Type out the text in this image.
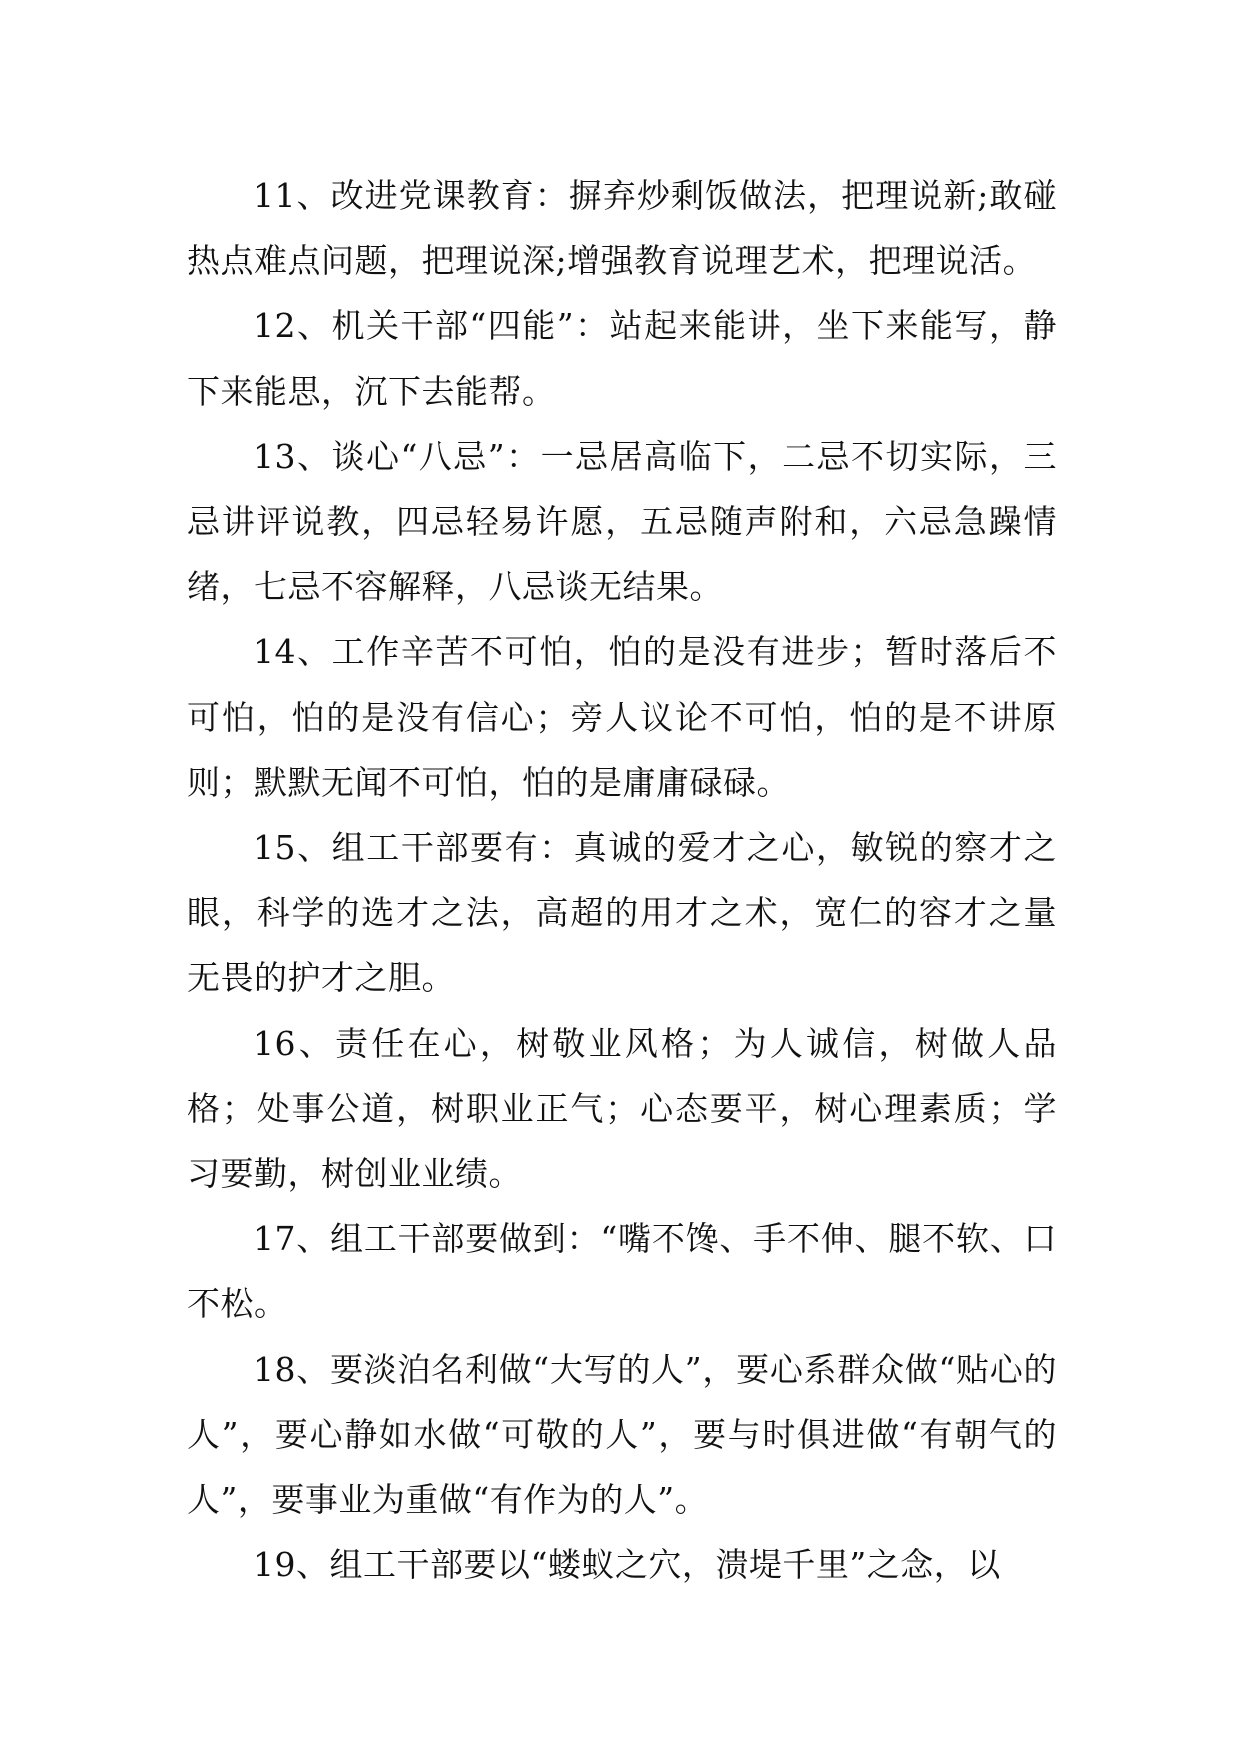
11、改进党课教育：摒弃炒剩饭做法，把理说新;敢碰热点难点问题，把理说深;增强教育说理艺术，把理说活。

12、机关干部“四能”：站起来能讲，坐下来能写，静下来能思，沉下去能帮。

13、谈心“八忌”：一忌居高临下，二忌不切实际，三忌讲评说教，四忌轻易许愿，五忌随声附和，六忌急躁情绪，七忌不容解释，八忌谈无结果。

14、工作辛苦不可怕，怕的是没有进步；暂时落后不可怕，怕的是没有信心；旁人议论不可怕，怕的是不讲原则；默默无闻不可怕，怕的是庸庸碌碌。

15、组工干部要有：真诚的爱才之心，敏锐的察才之眼，科学的选才之法，高超的用才之术，宽仁的容才之量无畏的护才之胆。

16、责任在心，树敬业风格；为人诚信，树做人品格；处事公道，树职业正气；心态要平，树心理素质；学习要勤，树创业业绩。

17、组工干部要做到：“嘴不馋、手不伸、腿不软、口不松。

18、要淡泊名利做“大写的人”，要心系群众做“贴心的人”，要心静如水做“可敬的人”，要与时俱进做“有朝气的人”，要事业为重做“有作为的人”。

19、组工干部要以“蝼蚁之穴，溃堤千里”之念，以
